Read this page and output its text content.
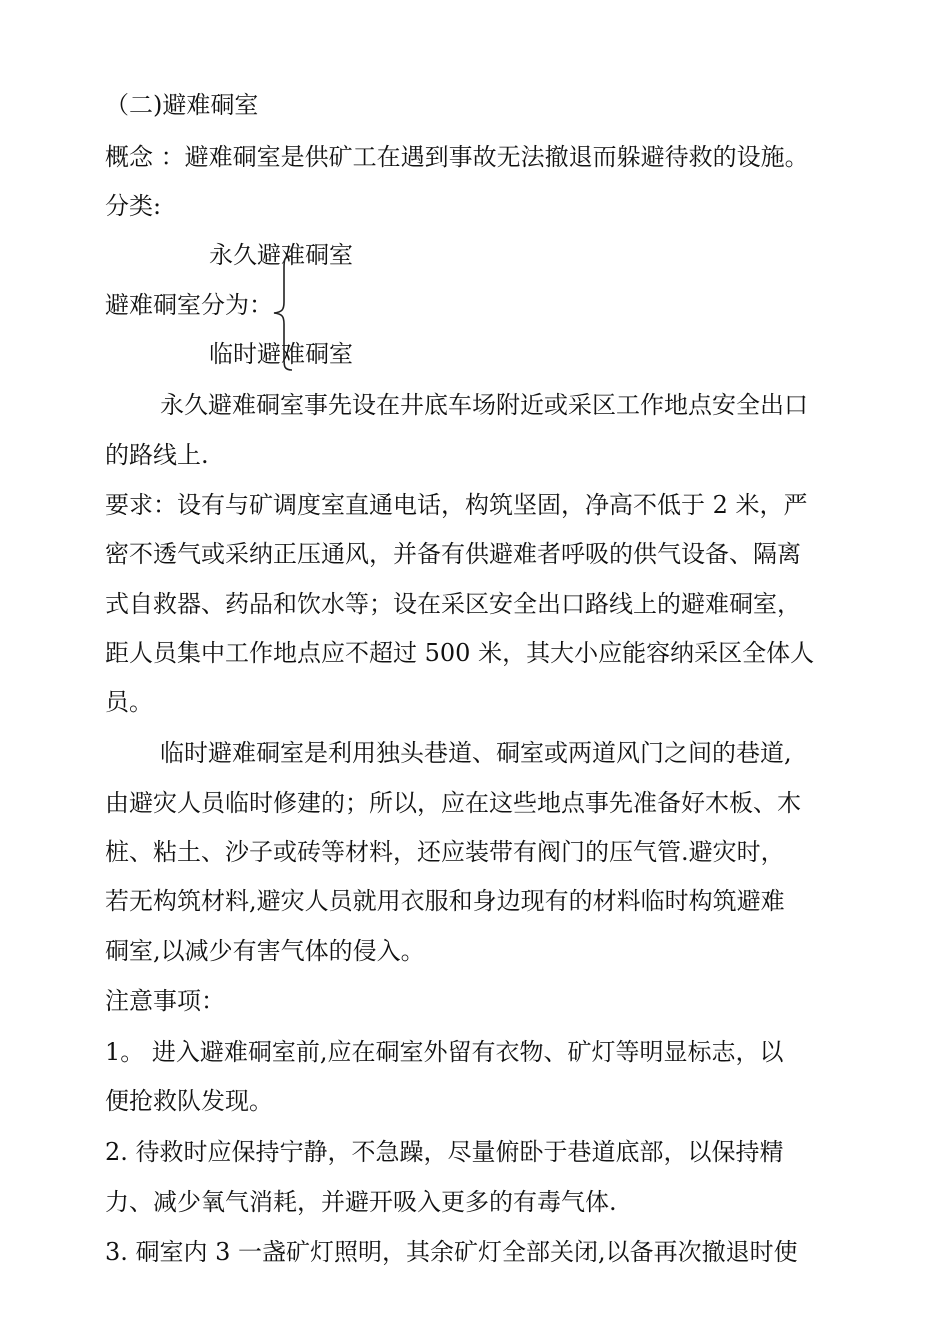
（二)避难硐室
概念 ：避难硐室是供矿工在遇到事故无法撤退而躲避待救的设施。
分类:
永久避难硐室
避难硐室分为：
临时避难硐室
永久避难硐室事先设在井底车场附近或采区工作地点安全出口
的路线上.
要求：设有与矿调度室直通电话，构筑坚固，净高不低于 2 米，严
密不透气或采纳正压通风，并备有供避难者呼吸的供气设备、隔离
式自救器、药品和饮水等；设在采区安全出口路线上的避难硐室，
距人员集中工作地点应不超过 500 米，其大小应能容纳采区全体人
员。
临时避难硐室是利用独头巷道、硐室或两道风门之间的巷道,
由避灾人员临时修建的；所以，应在这些地点事先准备好木板、木
桩、粘土、沙子或砖等材料，还应装带有阀门的压气管.避灾时，
若无构筑材料,避灾人员就用衣服和身边现有的材料临时构筑避难
硐室,以减少有害气体的侵入。
注意事项：
1。 进入避难硐室前,应在硐室外留有衣物、矿灯等明显标志，以
便抢救队发现。
2. 待救时应保持宁静，不急躁，尽量俯卧于巷道底部，以保持精
力、减少氧气消耗，并避开吸入更多的有毒气体.
3. 硐室内 3 一盏矿灯照明，其余矿灯全部关闭,以备再次撤退时使
